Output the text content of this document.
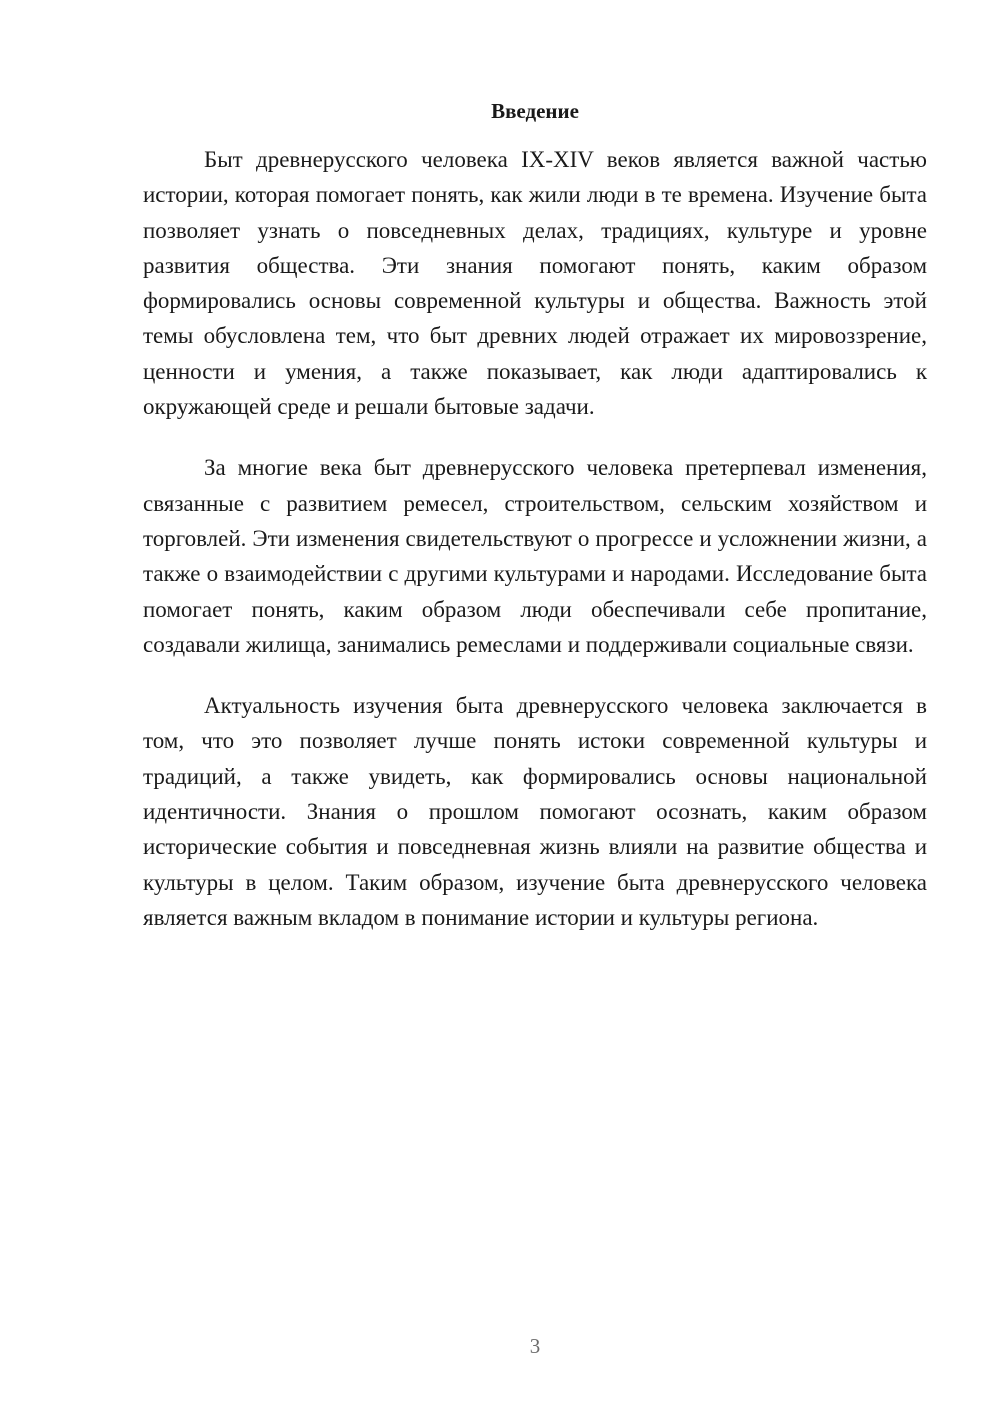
Введение

Быт древнерусского человека IX-XIV веков является важной частью истории, которая помогает понять, как жили люди в те времена. Изучение быта позволяет узнать о повседневных делах, традициях, культуре и уровне развития общества. Эти знания помогают понять, каким образом формировались основы современной культуры и общества. Важность этой темы обусловлена тем, что быт древних людей отражает их мировоззрение, ценности и умения, а также показывает, как люди адаптировались к окружающей среде и решали бытовые задачи.

За многие века быт древнерусского человека претерпевал изменения, связанные с развитием ремесел, строительством, сельским хозяйством и торговлей. Эти изменения свидетельствуют о прогрессе и усложнении жизни, а также о взаимодействии с другими культурами и народами. Исследование быта помогает понять, каким образом люди обеспечивали себе пропитание, создавали жилища, занимались ремеслами и поддерживали социальные связи.

Актуальность изучения быта древнерусского человека заключается в том, что это позволяет лучше понять истоки современной культуры и традиций, а также увидеть, как формировались основы национальной идентичности. Знания о прошлом помогают осознать, каким образом исторические события и повседневная жизнь влияли на развитие общества и культуры в целом. Таким образом, изучение быта древнерусского человека является важным вкладом в понимание истории и культуры региона.

3
